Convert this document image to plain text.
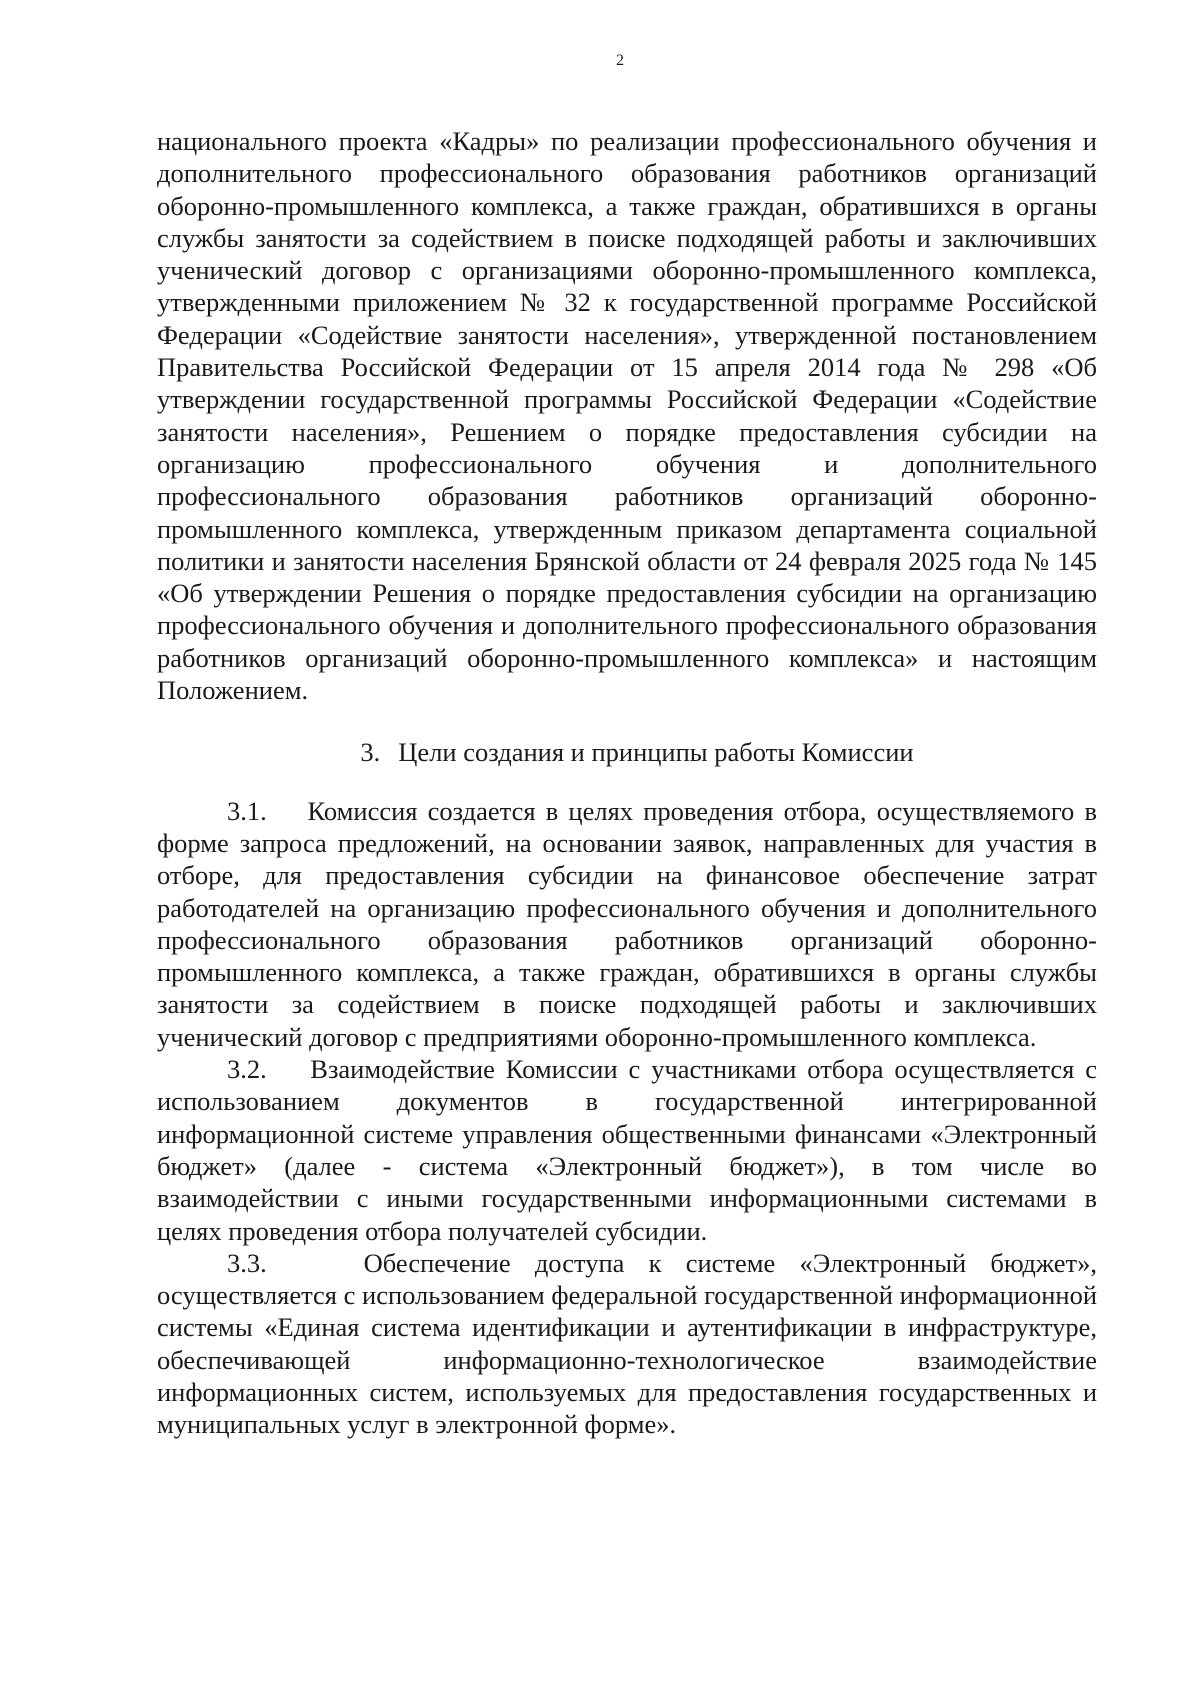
2

национального проекта «Кадры» по реализации профессионального обучения и дополнительного профессионального образования работников организаций оборонно-промышленного комплекса, а также граждан, обратившихся в органы службы занятости за содействием в поиске подходящей работы и заключивших ученический договор с организациями оборонно-промышленного комплекса, утвержденными приложением № 32 к государственной программе Российской Федерации «Содействие занятости населения», утвержденной постановлением Правительства Российской Федерации от 15 апреля 2014 года № 298 «Об утверждении государственной программы Российской Федерации «Содействие занятости населения», Решением о порядке предоставления субсидии на организацию профессионального обучения и дополнительного профессионального образования работников организаций оборонно-промышленного комплекса, утвержденным приказом департамента социальной политики и занятости населения Брянской области от 24 февраля 2025 года № 145 «Об утверждении Решения о порядке предоставления субсидии на организацию профессионального обучения и дополнительного профессионального образования работников организаций оборонно-промышленного комплекса» и настоящим Положением.

3. Цели создания и принципы работы Комиссии

3.1. Комиссия создается в целях проведения отбора, осуществляемого в форме запроса предложений, на основании заявок, направленных для участия в отборе, для предоставления субсидии на финансовое обеспечение затрат работодателей на организацию профессионального обучения и дополнительного профессионального образования работников организаций оборонно-промышленного комплекса, а также граждан, обратившихся в органы службы занятости за содействием в поиске подходящей работы и заключивших ученический договор с предприятиями оборонно-промышленного комплекса.

3.2. Взаимодействие Комиссии с участниками отбора осуществляется с использованием документов в государственной интегрированной информационной системе управления общественными финансами «Электронный бюджет» (далее - система «Электронный бюджет»), в том числе во взаимодействии с иными государственными информационными системами в целях проведения отбора получателей субсидии.

3.3.	Обеспечение доступа к системе «Электронный бюджет», осуществляется с использованием федеральной государственной информационной системы «Единая система идентификации и аутентификации в инфраструктуре, обеспечивающей информационно-технологическое взаимодействие информационных систем, используемых для предоставления государственных и муниципальных услуг в электронной форме».
